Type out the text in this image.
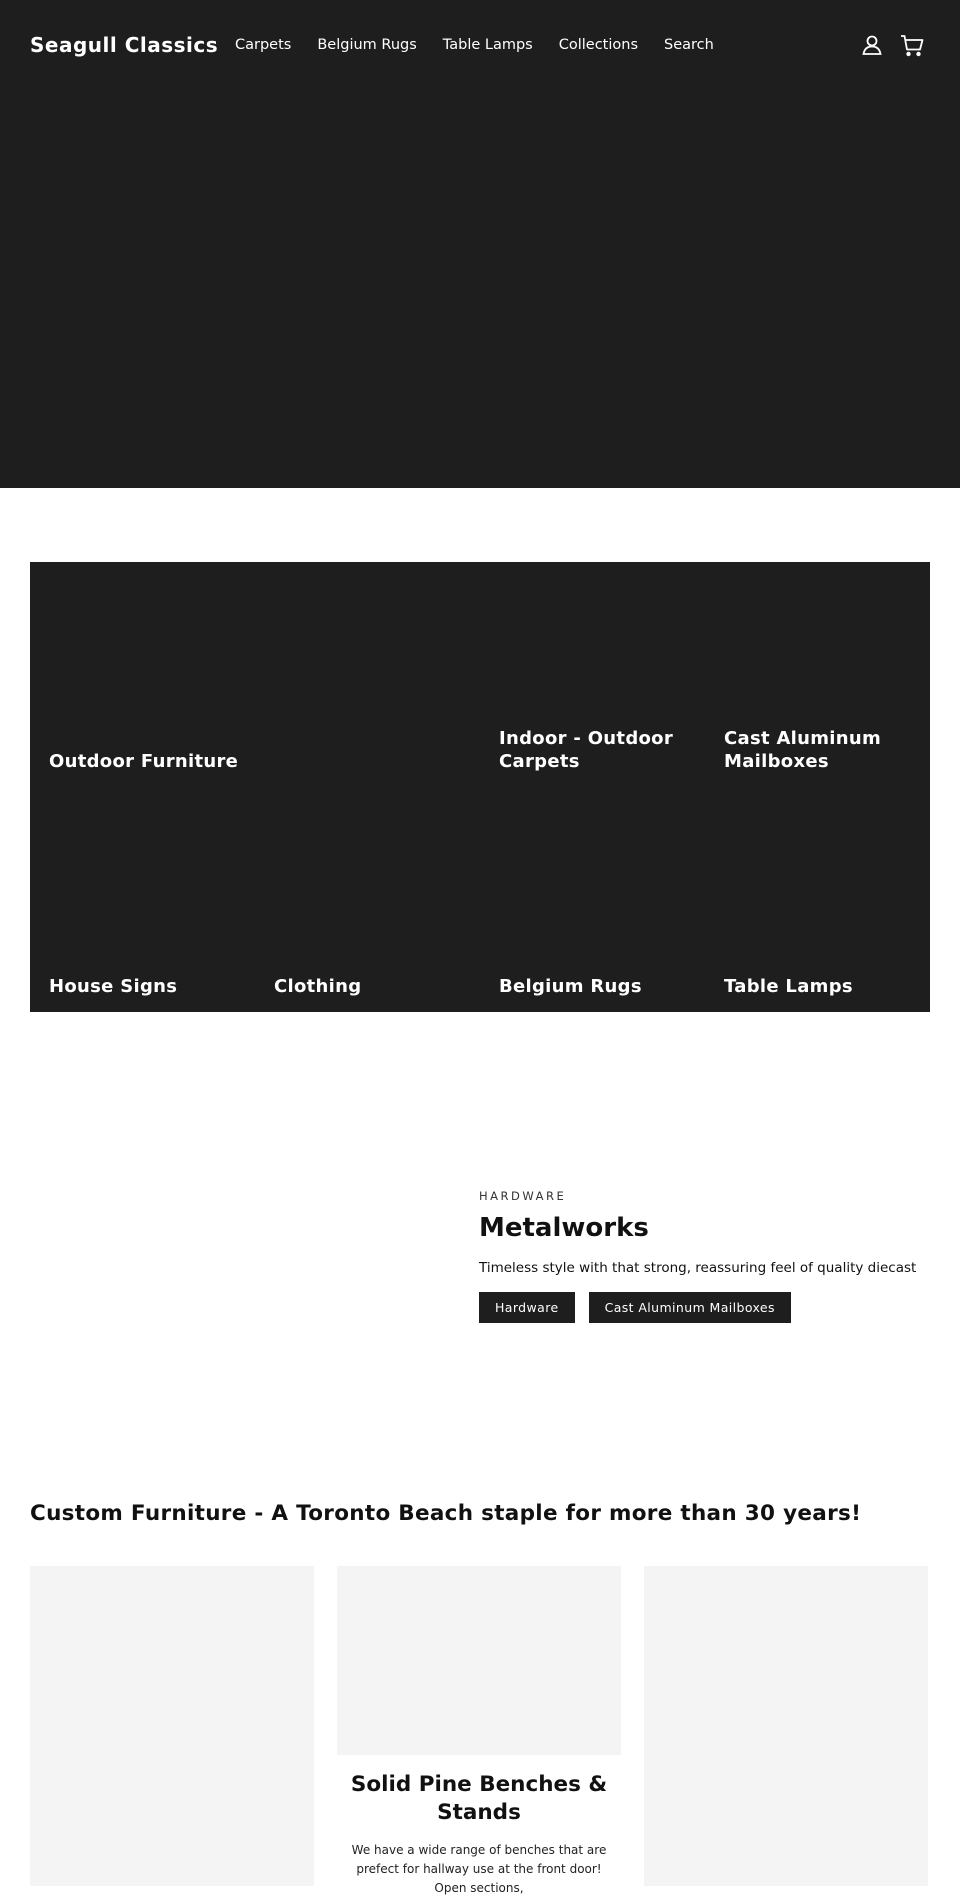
Seagull Classics Carpets Belgium Rugs Table Lamps Collections Search
Outdoor Furniture
Indoor - Outdoor Carpets
Cast Aluminum Mailboxes
House Signs	Clothing	Belgium Rugs	Table Lamps
HARDWARE
Metalworks
Timeless style with that strong, reassuring feel of quality diecast
Hardware	Cast Aluminum Mailboxes
Custom Furniture - A Toronto Beach staple for more than 30 years!
Solid Pine Benches & Stands
We have a wide range of benches that are prefect for hallway use at the front door! Open sections,
